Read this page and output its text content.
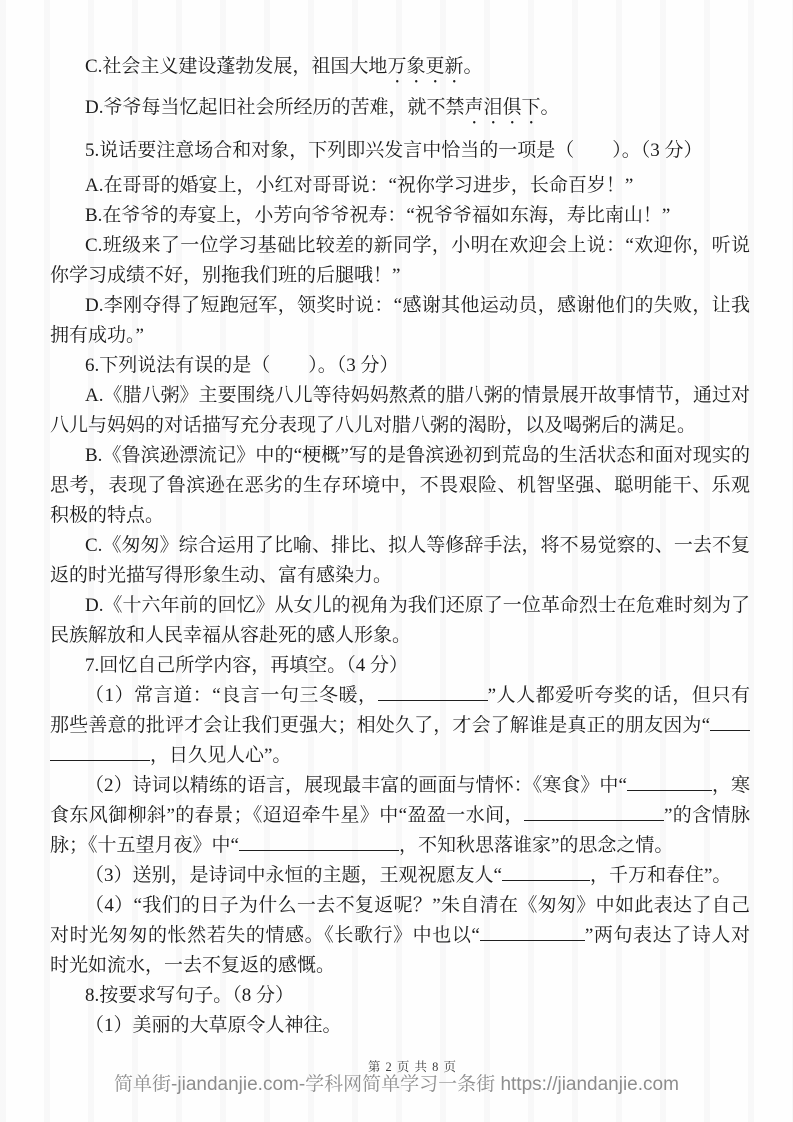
C.社会主义建设蓬勃发展，祖国大地万象更新。

D.爷爷每当忆起旧社会所经历的苦难，就不禁声泪俱下。

5.说话要注意场合和对象，下列即兴发言中恰当的一项是（　　）。（3 分）

A.在哥哥的婚宴上，小红对哥哥说：“祝你学习进步，长命百岁！”

B.在爷爷的寿宴上，小芳向爷爷祝寿：“祝爷爷福如东海，寿比南山！”

C.班级来了一位学习基础比较差的新同学，小明在欢迎会上说：“欢迎你，听说你学习成绩不好，别拖我们班的后腿哦！”

D.李刚夺得了短跑冠军，领奖时说：“感谢其他运动员，感谢他们的失败，让我拥有成功。”

6.下列说法有误的是（　　）。（3 分）

A.《腊八粥》主要围绕八儿等待妈妈熬煮的腊八粥的情景展开故事情节，通过对八儿与妈妈的对话描写充分表现了八儿对腊八粥的渴盼，以及喝粥后的满足。

B.《鲁滨逊漂流记》中的“梗概”写的是鲁滨逊初到荒岛的生活状态和面对现实的思考，表现了鲁滨逊在恶劣的生存环境中，不畏艰险、机智坚强、聪明能干、乐观积极的特点。

C.《匆匆》综合运用了比喻、排比、拟人等修辞手法，将不易觉察的、一去不复返的时光描写得形象生动、富有感染力。

D.《十六年前的回忆》从女儿的视角为我们还原了一位革命烈士在危难时刻为了民族解放和人民幸福从容赴死的感人形象。

7.回忆自己所学内容，再填空。（4 分）

（1）常言道：“良言一句三冬暖，	”人人都爱听夸奖的话，但只有那些善意的批评才会让我们更强大；相处久了，才会了解谁是真正的朋友因为“，日久见人心”。

（2）诗词以精练的语言，展现最丰富的画面与情怀：《寒食》中“	，寒食东风御柳斜”的春景；《迢迢牵牛星》中“盈盈一水间，	”的含情脉脉；《十五望月夜》中“	，不知秋思落谁家”的思念之情。

（3）送别，是诗词中永恒的主题，王观祝愿友人“	，千万和春住”。

（4）“我们的日子为什么一去不复返呢？”朱自清在《匆匆》中如此表达了自己对时光匆匆的怅然若失的情感。《长歌行》中也以“	”两句表达了诗人对时光如流水，一去不复返的感慨。

8.按要求写句子。（8 分）

（1）美丽的大草原令人神往。

第 2 页 共 8 页
简单街-jiandanjie.com-学科网简单学习一条街 https://jiandanjie.com
